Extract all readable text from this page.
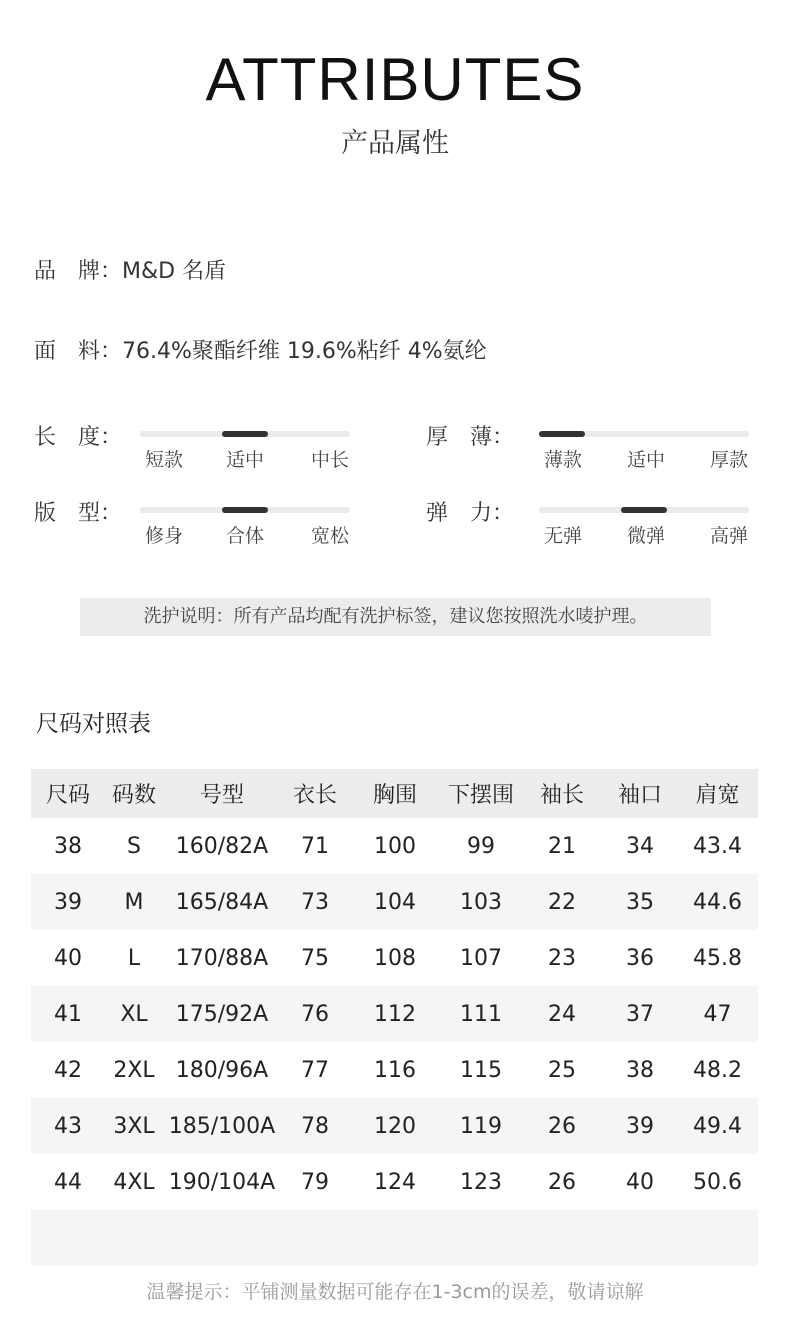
ATTRIBUTES
产品属性
品　牌：M&D 名盾
面　料：76.4%聚酯纤维 19.6%粘纤 4%氨纶
长　度：
短款 适中 中长
厚　薄：
薄款 适中 厚款
版　型：
修身 合体 宽松
弹　力：
无弹 微弹 高弹
洗护说明：所有产品均配有洗护标签，建议您按照洗水唛护理。
尺码对照表
尺码	码数	号型	衣长	胸围	下摆围	袖长	袖口	肩宽
38	S	160/82A	71	100	99	21	34	43.4
39	M	165/84A	73	104	103	22	35	44.6
40	L	170/88A	75	108	107	23	36	45.8
41	XL	175/92A	76	112	111	24	37	47
42	2XL	180/96A	77	116	115	25	38	48.2
43	3XL	185/100A	78	120	119	26	39	49.4
44	4XL	190/104A	79	124	123	26	40	50.6

温馨提示：平铺测量数据可能存在1-3cm的误差，敬请谅解
